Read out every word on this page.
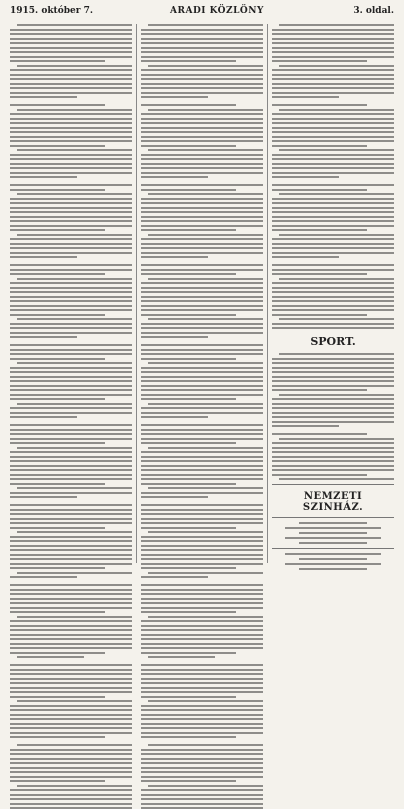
1915. október 7.	ARADI KÖZLÖNY	3. oldal.
SPORT.
NEMZETI SZINHÁZ.
